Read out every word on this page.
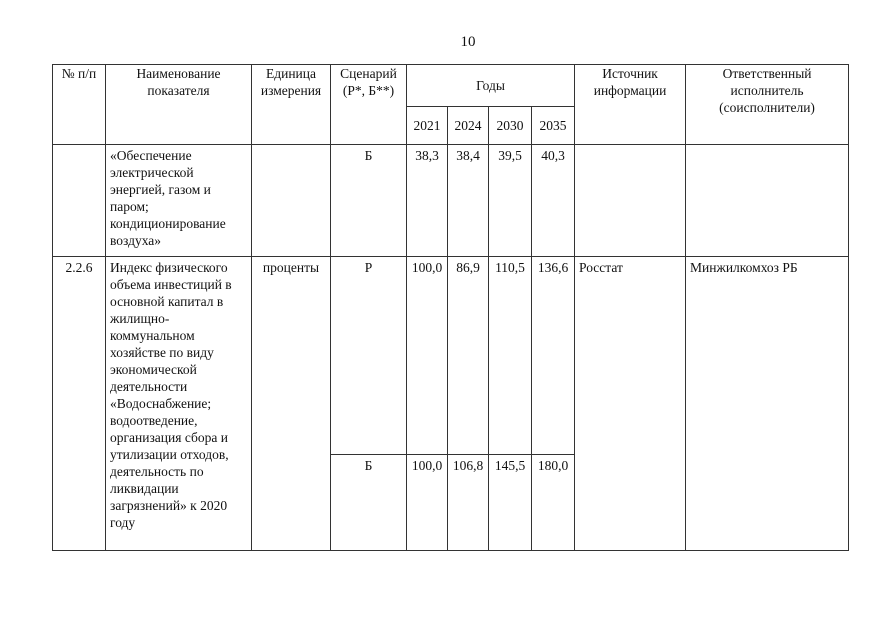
10
№ п/п	Наименование показателя	Единица измерения	Сценарий (Р*, Б**)	Годы				Источник информации	Ответственный исполнитель (соисполнители)
				2021	2024	2030	2035		
	«Обеспечение электрической энергией, газом и паром; кондиционирование воздуха»		Б	38,3	38,4	39,5	40,3		
2.2.6	Индекс физического объема инвестиций в основной капитал в жилищно-коммунальном хозяйстве по виду экономической деятельности «Водоснабжение; водоотведение, организация сбора и утилизации отходов, деятельность по ликвидации загрязнений» к 2020 году	проценты	Р	100,0	86,9	110,5	136,6	Росстат	Минжилкомхоз РБ
			Б	100,0	106,8	145,5	180,0		
